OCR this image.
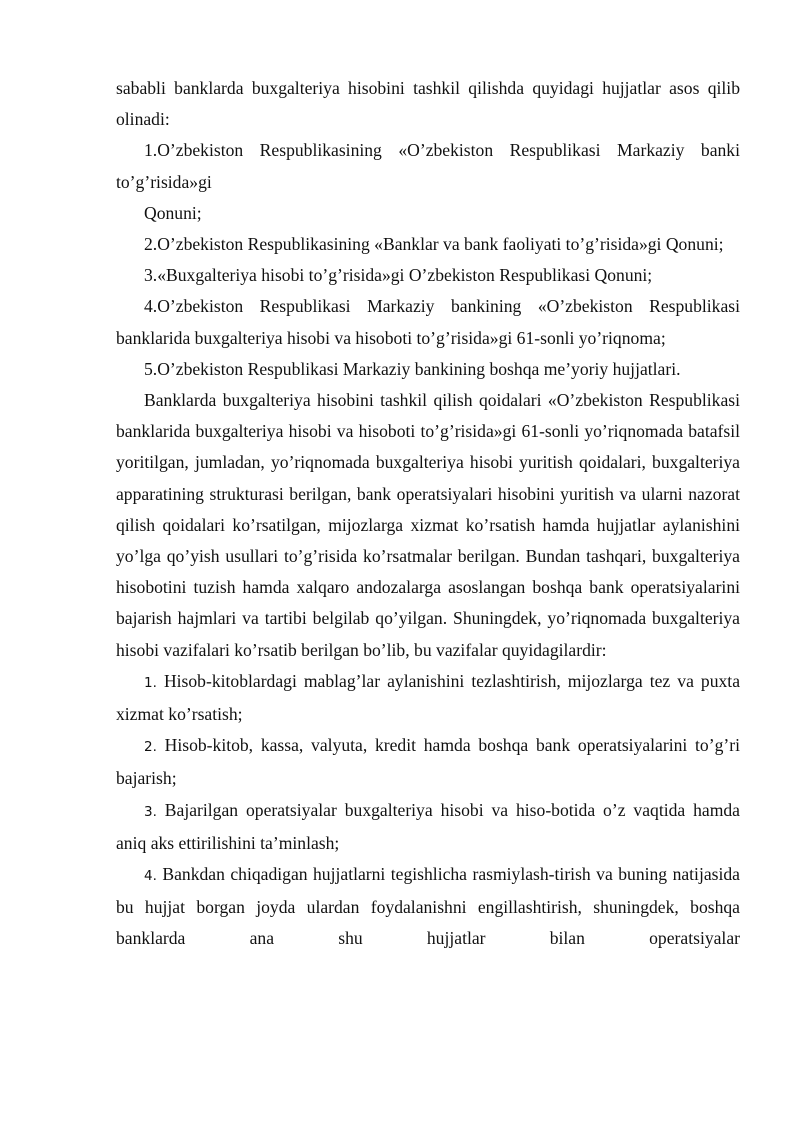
sababli banklarda buxgalteriya hisobini tashkil qilishda quyidagi hujjatlar asos qilib olinadi:

1.O’zbekiston Respublikasining «O’zbekiston Respublikasi Markaziy banki to’g’risida»gi

Qonuni;

2.O’zbekiston Respublikasining «Banklar va bank faoliyati to’g’risida»gi Qonuni;

3.«Buxgalteriya hisobi to’g’risida»gi O’zbekiston Respublikasi Qonuni;

4.O’zbekiston Respublikasi Markaziy bankining «O’zbekiston Respublikasi banklarida buxgalteriya hisobi va hisoboti to’g’risida»gi 61-sonli yo’riqnoma;

5.O’zbekiston Respublikasi Markaziy bankining boshqa me’yoriy hujjatlari.

Banklarda buxgalteriya hisobini tashkil qilish qoidalari «O’zbekiston Respublikasi banklarida buxgalteriya hisobi va hisoboti to’g’risida»gi 61-sonli yo’riqnomada batafsil yoritilgan, jumladan, yo’riqnomada buxgalteriya hisobi yuritish qoidalari, buxgalteriya apparatining strukturasi berilgan, bank operatsiyalari hisobini yuritish va ularni nazorat qilish qoidalari ko’rsatilgan, mijozlarga xizmat ko’rsatish hamda hujjatlar aylanishini yo’lga qo’yish usullari to’g’risida ko’rsatmalar berilgan. Bundan tashqari, buxgalteriya hisobotini tuzish hamda xalqaro andozalarga asoslangan boshqa bank operatsiyalarini bajarish hajmlari va tartibi belgilab qo’yilgan. Shuningdek, yo’riqnomada buxgalteriya hisobi vazifalari ko’rsatib berilgan bo’lib, bu vazifalar quyidagilardir:

1. Hisob-kitoblardagi mablag’lar aylanishini tezlashtirish, mijozlarga tez va puxta xizmat ko’rsatish;

2. Hisob-kitob, kassa, valyuta, kredit hamda boshqa bank operatsiyalarini to’g’ri bajarish;

3. Bajarilgan operatsiyalar buxgalteriya hisobi va hiso-botida o’z vaqtida hamda aniq aks ettirilishini ta’minlash;

4. Bankdan chiqadigan hujjatlarni tegishlicha rasmiylash-tirish va buning natijasida bu hujjat borgan joyda ulardan foydalanishni engillashtirish, shuningdek, boshqa banklarda ana shu hujjatlar bilan operatsiyalar
